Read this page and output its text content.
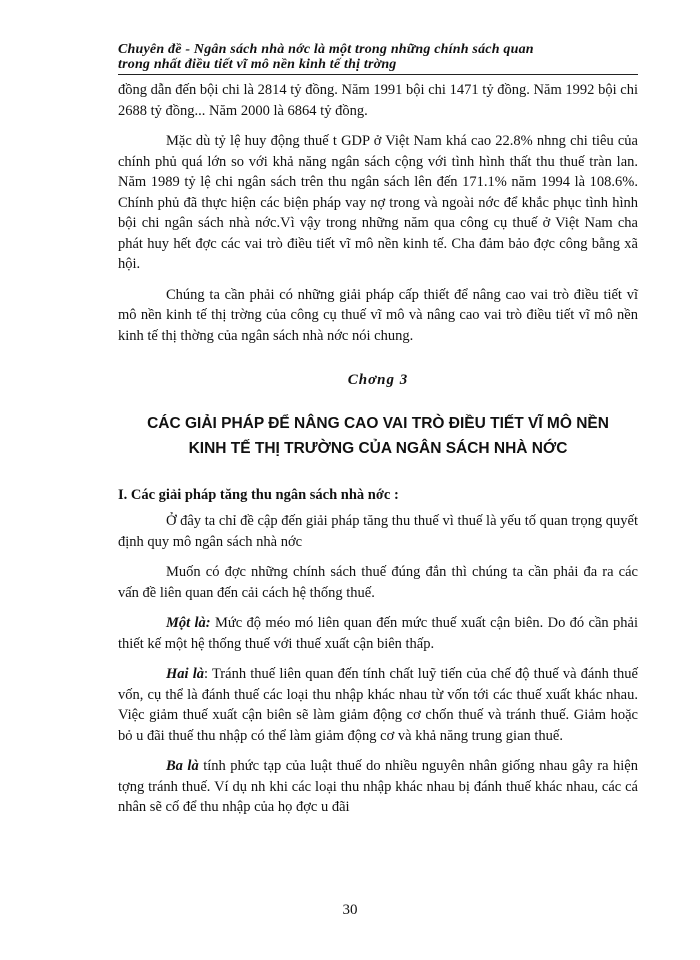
Chuyên đề - Ngân sách nhà nớc là một trong những chính sách quan
trong nhất điều tiết vĩ mô nền kinh tế thị trờng

đồng dẫn đến bội chi là 2814 tỷ đồng. Năm 1991 bội chi 1471 tỷ đồng. Năm 1992 bội chi 2688 tỷ đồng... Năm 2000 là 6864 tỷ đồng.

Mặc dù tỷ lệ huy động thuế t GDP ở Việt Nam khá cao 22.8% nhng chi tiêu của chính phủ quá lớn so với khả năng ngân sách cộng với tình hình thất thu thuế tràn lan. Năm 1989 tỷ lệ chi ngân sách trên thu ngân sách lên đến 171.1% năm 1994 là 108.6%. Chính phủ đã thực hiện các biện pháp vay nợ trong và ngoài nớc để khắc phục tình hình bội chi ngân sách nhà nớc.Vì vậy trong những năm qua công cụ thuế ở Việt Nam cha phát huy hết đợc các vai trò điều tiết vĩ mô nền kinh tế. Cha đảm bảo đợc công bằng xã hội.

Chúng ta cần phải có những giải pháp cấp thiết để nâng cao vai trò điều tiết vĩ mô nền kinh tế thị trờng của công cụ thuế vĩ mô và nâng cao vai trò điều tiết vĩ mô nền kinh tế thị thờng của ngân sách nhà nớc nói chung.

Chơng 3
CÁC GIẢI PHÁP ĐỂ NÂNG CAO VAI TRÒ ĐIỀU TIẾT VĨ MÔ NỀN
KINH TẾ THỊ TRƯỜNG CỦA NGÂN SÁCH NHÀ NỚC

I. Các giải pháp tăng thu ngân sách nhà nớc :

Ở đây ta chỉ đề cập đến giải pháp tăng thu thuế vì thuế là yếu tố quan trọng quyết định quy mô ngân sách nhà nớc

Muốn có đợc những chính sách thuế đúng đắn thì chúng ta cần phải đa ra các vấn đề liên quan đến cải cách hệ thống thuế.

Một là: Mức độ méo mó liên quan đến mức thuế xuất cận biên. Do đó cần phải thiết kế một hệ thống thuế với thuế xuất cận biên thấp.

Hai là: Tránh thuế liên quan đến tính chất luỹ tiến của chế độ thuế và đánh thuế vốn, cụ thể là đánh thuế các loại thu nhập khác nhau từ vốn tới các thuế xuất khác nhau. Việc giảm thuế xuất cận biên sẽ làm giảm động cơ chốn thuế và tránh thuế. Giảm hoặc bỏ u đãi thuế thu nhập có thể làm giảm động cơ và khả năng trung gian thuế.

Ba là tính phức tạp của luật thuế do nhiều nguyên nhân giống nhau gây ra hiện tợng tránh thuế. Ví dụ nh khi các loại thu nhập khác nhau bị đánh thuế khác nhau, các cá nhân sẽ cố để thu nhập của họ đợc u đãi

30
